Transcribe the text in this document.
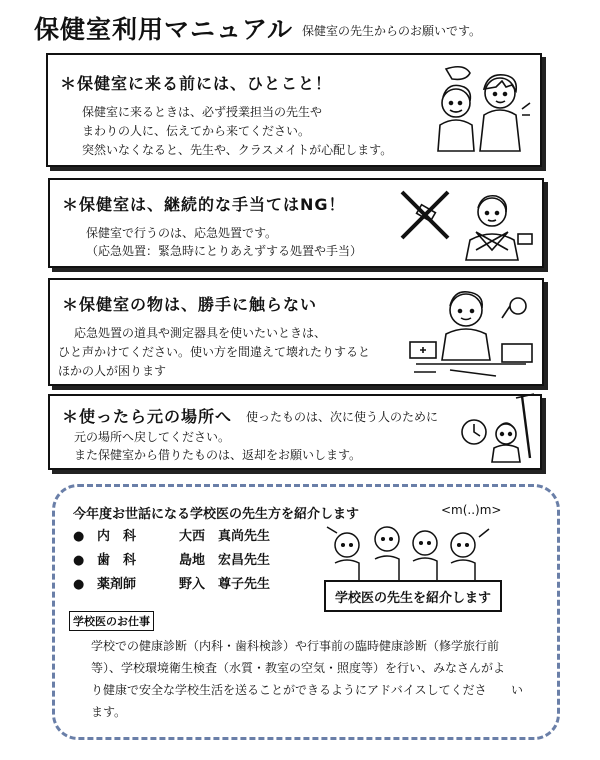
保健室利用マニュアル 保健室の先生からのお願いです。
＊保健室に来る前には、ひとこと！
保健室に来るときは、必ず授業担当の先生や
まわりの人に、伝えてから来てください。
突然いなくなると、先生や、クラスメイトが心配します。
＊保健室は、継続的な手当てはNG！
保健室で行うのは、応急処置です。
（応急処置：緊急時にとりあえずする処置や手当）
＊保健室の物は、勝手に触らない
応急処置の道具や測定器具を使いたいときは、
ひと声かけてください。使い方を間違えて壊れたりすると
ほかの人が困ります
＊使ったら元の場所へ 使ったものは、次に使う人のために
元の場所へ戻してください。
また保健室から借りたものは、返却をお願いします。
今年度お世話になる学校医の先生方を紹介します	<m(..)m>
● 内　科	大西　真尚先生
● 歯　科	島地　宏昌先生
● 薬剤師	野入　尊子先生
学校医の先生を紹介します
学校医のお仕事
学校での健康診断（内科・歯科検診）や行事前の臨時健康診断（修学旅行前
等）、学校環境衛生検査（水質・教室の空気・照度等）を行い、みなさんがよ
り健康で安全な学校生活を送ることができるようにアドバイスしてくださ い
ます。
